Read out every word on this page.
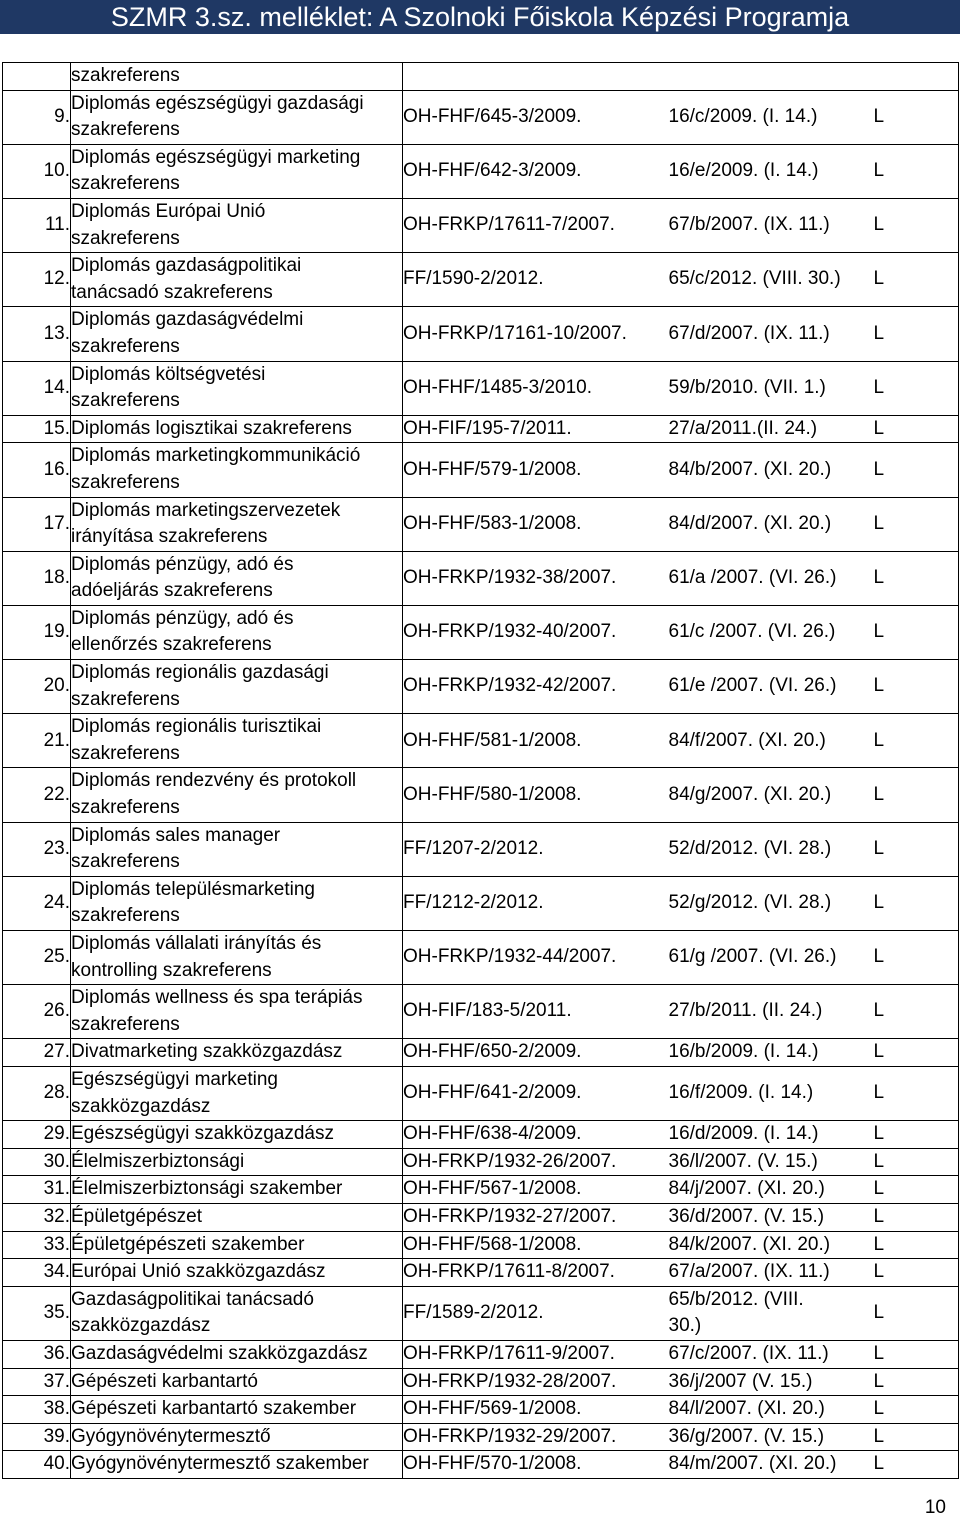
SZMR 3.sz. melléklet: A Szolnoki Főiskola Képzési Programja
	szakreferens			
9.	Diplomás egészségügyi gazdasági
szakreferens	OH-FHF/645-3/2009.	16/c/2009. (I. 14.)	L
10.	Diplomás egészségügyi marketing
szakreferens	OH-FHF/642-3/2009.	16/e/2009. (I. 14.)	L
11.	Diplomás Európai Unió
szakreferens	OH-FRKP/17611-7/2007.	67/b/2007. (IX. 11.)	L
12.	Diplomás gazdaságpolitikai
tanácsadó szakreferens	FF/1590-2/2012.	65/c/2012. (VIII. 30.)	L
13.	Diplomás gazdaságvédelmi
szakreferens	OH-FRKP/17161-10/2007.	67/d/2007. (IX. 11.)	L
14.	Diplomás költségvetési
szakreferens	OH-FHF/1485-3/2010.	59/b/2010. (VII. 1.)	L
15.	Diplomás logisztikai szakreferens	OH-FIF/195-7/2011.	27/a/2011.(II. 24.)	L
16.	Diplomás marketingkommunikáció
szakreferens	OH-FHF/579-1/2008.	84/b/2007. (XI. 20.)	L
17.	Diplomás marketingszervezetek
irányítása szakreferens	OH-FHF/583-1/2008.	84/d/2007. (XI. 20.)	L
18.	Diplomás pénzügy, adó és
adóeljárás szakreferens	OH-FRKP/1932-38/2007.	61/a /2007. (VI. 26.)	L
19.	Diplomás pénzügy, adó és
ellenőrzés szakreferens	OH-FRKP/1932-40/2007.	61/c /2007. (VI. 26.)	L
20.	Diplomás regionális gazdasági
szakreferens	OH-FRKP/1932-42/2007.	61/e /2007. (VI. 26.)	L
21.	Diplomás regionális turisztikai
szakreferens	OH-FHF/581-1/2008.	84/f/2007. (XI. 20.)	L
22.	Diplomás rendezvény és protokoll
szakreferens	OH-FHF/580-1/2008.	84/g/2007. (XI. 20.)	L
23.	Diplomás sales manager
szakreferens	FF/1207-2/2012.	52/d/2012. (VI. 28.)	L
24.	Diplomás településmarketing
szakreferens	FF/1212-2/2012.	52/g/2012. (VI. 28.)	L
25.	Diplomás vállalati irányítás és
kontrolling szakreferens	OH-FRKP/1932-44/2007.	61/g /2007. (VI. 26.)	L
26.	Diplomás wellness és spa terápiás
szakreferens	OH-FIF/183-5/2011.	27/b/2011. (II. 24.)	L
27.	Divatmarketing szakközgazdász	OH-FHF/650-2/2009.	16/b/2009. (I. 14.)	L
28.	Egészségügyi marketing
szakközgazdász	OH-FHF/641-2/2009.	16/f/2009. (I. 14.)	L
29.	Egészségügyi szakközgazdász	OH-FHF/638-4/2009.	16/d/2009. (I. 14.)	L
30.	Élelmiszerbiztonsági	OH-FRKP/1932-26/2007.	36/l/2007. (V. 15.)	L
31.	Élelmiszerbiztonsági szakember	OH-FHF/567-1/2008.	84/j/2007. (XI. 20.)	L
32.	Épületgépészet	OH-FRKP/1932-27/2007.	36/d/2007. (V. 15.)	L
33.	Épületgépészeti szakember	OH-FHF/568-1/2008.	84/k/2007. (XI. 20.)	L
34.	Európai Unió szakközgazdász	OH-FRKP/17611-8/2007.	67/a/2007. (IX. 11.)	L
35.	Gazdaságpolitikai tanácsadó
szakközgazdász	FF/1589-2/2012.	65/b/2012. (VIII.
30.)	L
36.	Gazdaságvédelmi szakközgazdász	OH-FRKP/17611-9/2007.	67/c/2007. (IX. 11.)	L
37.	Gépészeti karbantartó	OH-FRKP/1932-28/2007.	36/j/2007 (V. 15.)	L
38.	Gépészeti karbantartó szakember	OH-FHF/569-1/2008.	84/l/2007. (XI. 20.)	L
39.	Gyógynövénytermesztő	OH-FRKP/1932-29/2007.	36/g/2007. (V. 15.)	L
40.	Gyógynövénytermesztő szakember	OH-FHF/570-1/2008.	84/m/2007. (XI. 20.)	L
10
